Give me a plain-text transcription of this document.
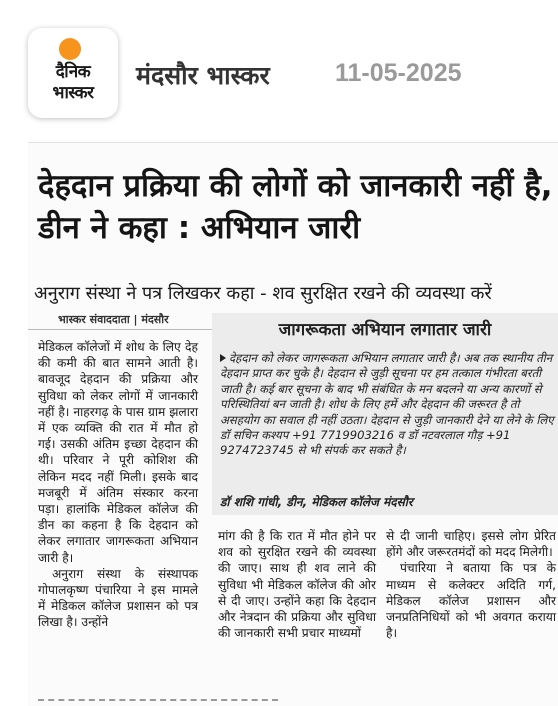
दैनिक
भास्कर
मंदसौर भास्कर	11-05-2025
देहदान प्रक्रिया की लोगों को जानकारी नहीं है, डीन ने कहा : अभियान जारी
अनुराग संस्था ने पत्र लिखकर कहा - शव सुरक्षित रखने की व्यवस्था करें
भास्कर संवाददाता | मंदसौर

मेडिकल कॉलेजों में शोध के लिए देह की कमी की बात सामने आती है। बावजूद देहदान की प्रक्रिया और सुविधा को लेकर लोगों में जानकारी नहीं है। नाहरगढ़ के पास ग्राम झलारा में एक व्यक्ति की रात में मौत हो गई। उसकी अंतिम इच्छा देहदान की थी। परिवार ने पूरी कोशिश की लेकिन मदद नहीं मिली। इसके बाद मजबूरी में अंतिम संस्कार करना पड़ा। हालांकि मेडिकल कॉलेज की डीन का कहना है कि देहदान को लेकर लगातार जागरूकता अभियान जारी है।

अनुराग संस्था के संस्थापक गोपालकृष्ण पंचारिया ने इस मामले में मेडिकल कॉलेज प्रशासन को पत्र लिखा है। उन्होंने

जागरूकता अभियान लगातार जारी
देहदान को लेकर जागरूकता अभियान लगातार जारी है। अब तक स्थानीय तीन देहदान प्राप्त कर चुके है। देहदान से जुड़ी सूचना पर हम तत्काल गंभीरता बरती जाती है। कई बार सूचना के बाद भी संबंधित के मन बदलने या अन्य कारणों से परिस्थितियां बन जाती है। शोध के लिए हमें और देहदान की जरूरत है तो असहयोग का सवाल ही नहीं उठता। देहदान से जुड़ी जानकारी देने या लेने के लिए डॉ सचिन कश्यप +91 7719903216 व डॉ नटवरलाल गौड़ +91 9274723745 से भी संपर्क कर सकते है।
डॉ शशि गांधी, डीन, मेडिकल कॉलेज मंदसौर

मांग की है कि रात में मौत होने पर शव को सुरक्षित रखने की व्यवस्था की जाए। साथ ही शव लाने की सुविधा भी मेडिकल कॉलेज की ओर से दी जाए। उन्होंने कहा कि देहदान और नेत्रदान की प्रक्रिया और सुविधा की जानकारी सभी प्रचार माध्यमों

से दी जानी चाहिए। इससे लोग प्रेरित होंगे और जरूरतमंदों को मदद मिलेगी।

पंचारिया ने बताया कि पत्र के माध्यम से कलेक्टर अदिति गर्ग, मेडिकल कॉलेज प्रशासन और जनप्रतिनिधियों को भी अवगत कराया है।
